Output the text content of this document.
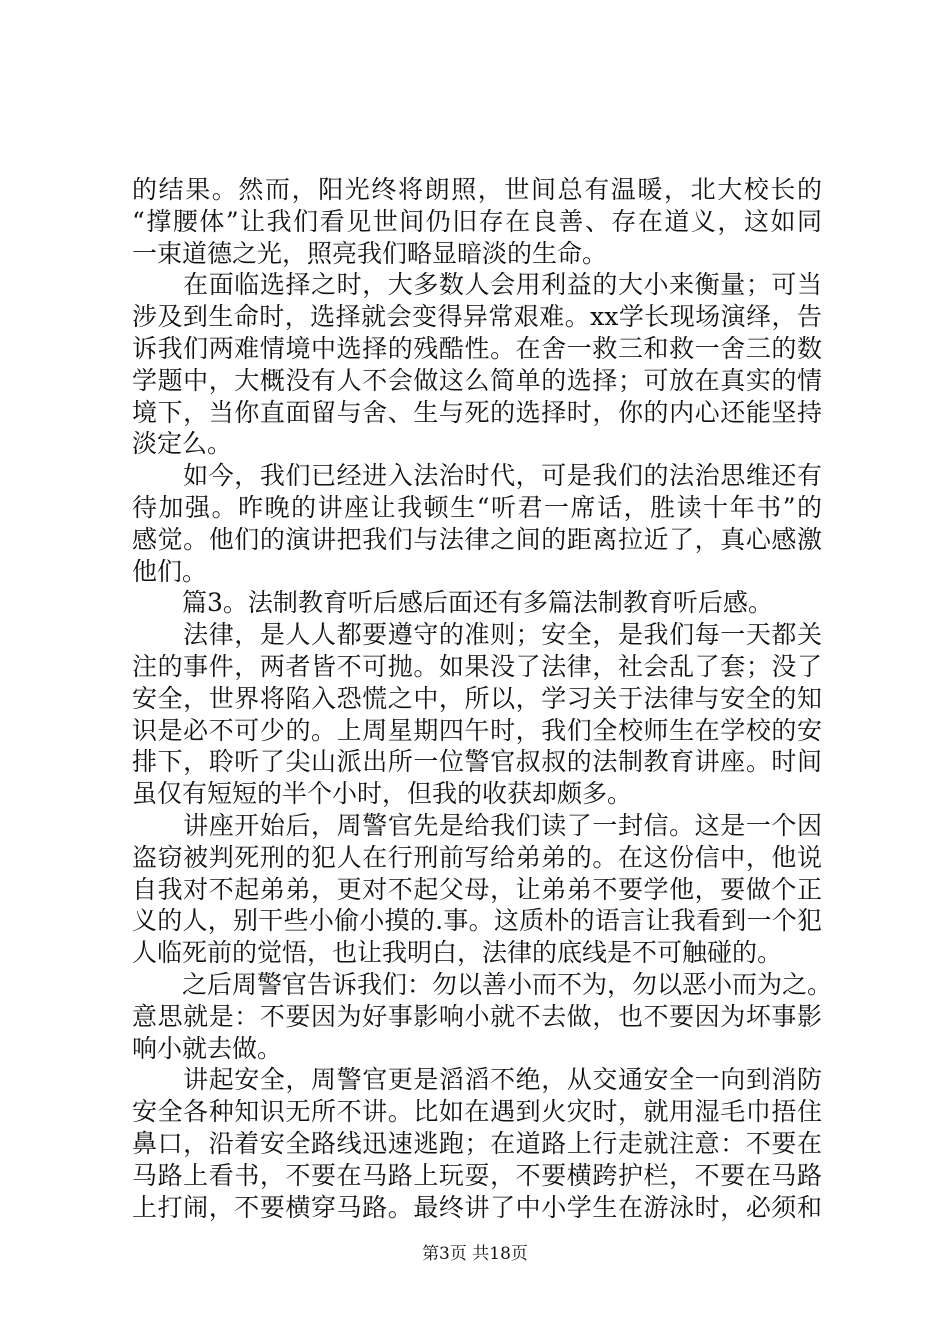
的结果。然而，阳光终将朗照，世间总有温暖，北大校长的
“撑腰体”让我们看见世间仍旧存在良善、存在道义，这如同
一束道德之光，照亮我们略显暗淡的生命。
　　在面临选择之时，大多数人会用利益的大小来衡量；可当
涉及到生命时，选择就会变得异常艰难。xx学长现场演绎，告
诉我们两难情境中选择的残酷性。在舍一救三和救一舍三的数
学题中，大概没有人不会做这么简单的选择；可放在真实的情
境下，当你直面留与舍、生与死的选择时，你的内心还能坚持
淡定么。
　　如今，我们已经进入法治时代，可是我们的法治思维还有
待加强。昨晚的讲座让我顿生“听君一席话，胜读十年书”的
感觉。他们的演讲把我们与法律之间的距离拉近了，真心感激
他们。
　　篇3。法制教育听后感后面还有多篇法制教育听后感。
　　法律，是人人都要遵守的准则；安全，是我们每一天都关
注的事件，两者皆不可抛。如果没了法律，社会乱了套；没了
安全，世界将陷入恐慌之中，所以，学习关于法律与安全的知
识是必不可少的。上周星期四午时，我们全校师生在学校的安
排下，聆听了尖山派出所一位警官叔叔的法制教育讲座。时间
虽仅有短短的半个小时，但我的收获却颇多。
　　讲座开始后，周警官先是给我们读了一封信。这是一个因
盗窃被判死刑的犯人在行刑前写给弟弟的。在这份信中，他说
自我对不起弟弟，更对不起父母，让弟弟不要学他，要做个正
义的人，别干些小偷小摸的.事。这质朴的语言让我看到一个犯
人临死前的觉悟，也让我明白，法律的底线是不可触碰的。
　　之后周警官告诉我们：勿以善小而不为，勿以恶小而为之。
意思就是：不要因为好事影响小就不去做，也不要因为坏事影
响小就去做。
　　讲起安全，周警官更是滔滔不绝，从交通安全一向到消防
安全各种知识无所不讲。比如在遇到火灾时，就用湿毛巾捂住
鼻口，沿着安全路线迅速逃跑；在道路上行走就注意：不要在
马路上看书，不要在马路上玩耍，不要横跨护栏，不要在马路
上打闹，不要横穿马路。最终讲了中小学生在游泳时，必须和
第3页 共18页
